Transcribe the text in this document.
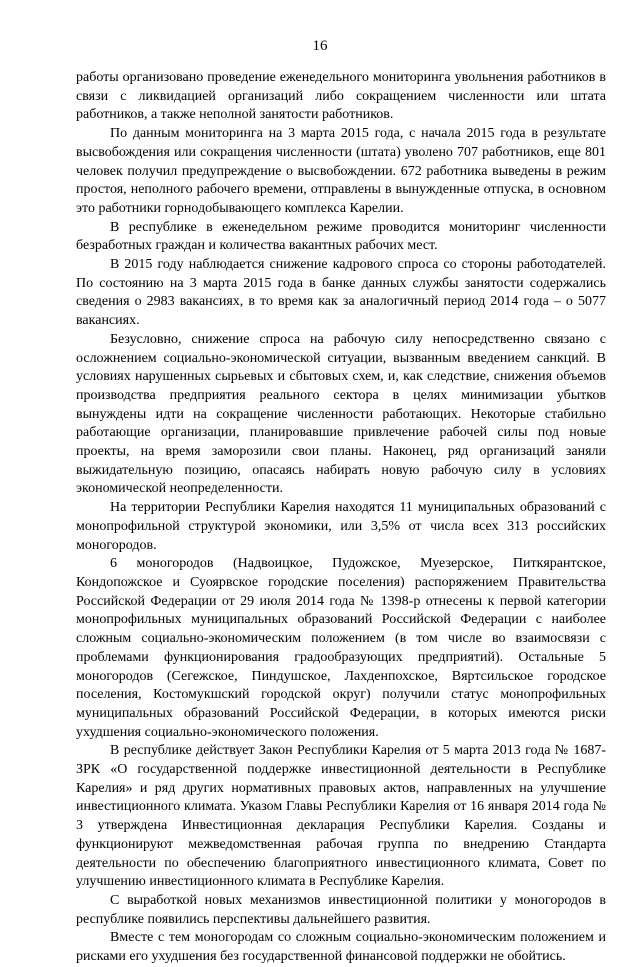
16

работы организовано проведение еженедельного мониторинга увольнения работников в связи с ликвидацией организаций либо сокращением численности или штата работников, а также неполной занятости работников.

По данным мониторинга на 3 марта 2015 года, с начала 2015 года в результате высвобождения или сокращения численности (штата) уволено 707 работников, еще 801 человек получил предупреждение о высвобождении. 672 работника выведены в режим простоя, неполного рабочего времени, отправлены в вынужденные отпуска, в основном это работники горнодобывающего комплекса Карелии.

В республике в еженедельном режиме проводится мониторинг численности безработных граждан и количества вакантных рабочих мест.

В 2015 году наблюдается снижение кадрового спроса со стороны работодателей. По состоянию на 3 марта 2015 года в банке данных службы занятости содержались сведения о 2983 вакансиях, в то время как за аналогичный период 2014 года – о 5077 вакансиях.

Безусловно, снижение спроса на рабочую силу непосредственно связано с осложнением социально-экономической ситуации, вызванным введением санкций. В условиях нарушенных сырьевых и сбытовых схем, и, как следствие, снижения объемов производства предприятия реального сектора в целях минимизации убытков вынуждены идти на сокращение численности работающих. Некоторые стабильно работающие организации, планировавшие привлечение рабочей силы под новые проекты, на время заморозили свои планы. Наконец, ряд организаций заняли выжидательную позицию, опасаясь набирать новую рабочую силу в условиях экономической неопределенности.

На территории Республики Карелия находятся 11 муниципальных образований с монопрофильной структурой экономики, или 3,5% от числа всех 313 российских моногородов.

6 моногородов (Надвоицкое, Пудожское, Муезерское, Питкярантское, Кондопожское и Суоярвское городские поселения) распоряжением Правительства Российской Федерации от 29 июля 2014 года № 1398-р отнесены к первой категории монопрофильных муниципальных образований Российской Федерации с наиболее сложным социально-экономическим положением (в том числе во взаимосвязи с проблемами функционирования градообразующих предприятий). Остальные 5 моногородов (Сегежское, Пиндушское, Лахденпохское, Вяртсильское городское поселения, Костомукшский городской округ) получили статус монопрофильных муниципальных образований Российской Федерации, в которых имеются риски ухудшения социально-экономического положения.

В республике действует Закон Республики Карелия от 5 марта 2013 года № 1687-ЗРК «О государственной поддержке инвестиционной деятельности в Республике Карелия» и ряд других нормативных правовых актов, направленных на улучшение инвестиционного климата. Указом Главы Республики Карелия от 16 января 2014 года № 3 утверждена Инвестиционная декларация Республики Карелия. Созданы и функционируют межведомственная рабочая группа по внедрению Стандарта деятельности по обеспечению благоприятного инвестиционного климата, Совет по улучшению инвестиционного климата в Республике Карелия.

С выработкой новых механизмов инвестиционной политики у моногородов в республике появились перспективы дальнейшего развития.

Вместе с тем моногородам со сложным социально-экономическим положением и рисками его ухудшения без государственной финансовой поддержки не обойтись.
